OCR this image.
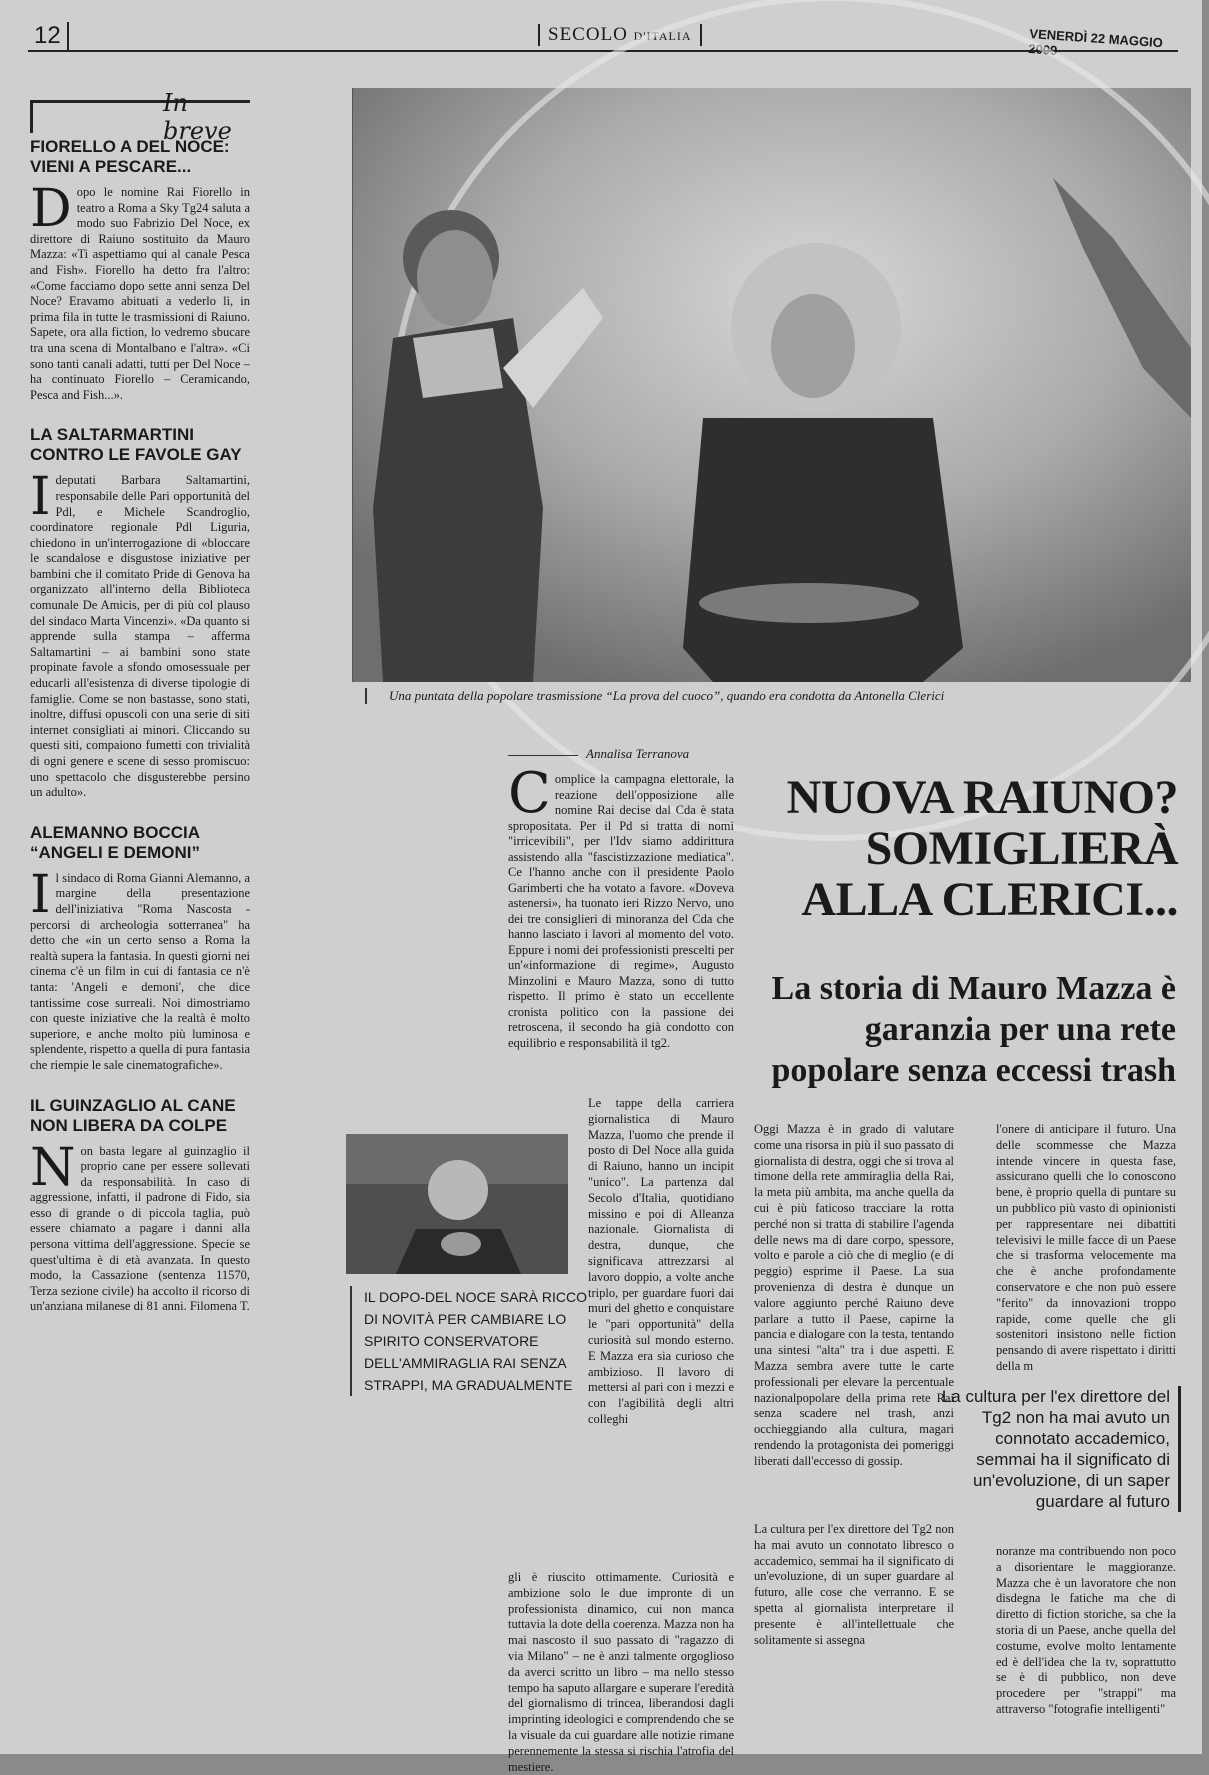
12	SECOLO D'ITALIA	VENERDÌ 22 MAGGIO 2009
In breve
FIORELLO A DEL NOCE: VIENI A PESCARE...

Dopo le nomine Rai Fiorello in teatro a Roma a Sky Tg24 saluta a modo suo Fabrizio Del Noce, ex direttore di Raiuno sostituito da Mauro Mazza: «Ti aspettiamo qui al canale Pesca and Fish». Fiorello ha detto fra l'altro: «Come facciamo dopo sette anni senza Del Noce? Eravamo abituati a vederlo lì, in prima fila in tutte le trasmissioni di Raiuno. Sapete, ora alla fiction, lo vedremo sbucare tra una scena di Montalbano e l'altra». «Ci sono tanti canali adatti, tutti per Del Noce – ha continuato Fiorello – Ceramicando, Pesca and Fish...».

LA SALTARMARTINI CONTRO LE FAVOLE GAY

Ideputati Barbara Saltamartini, responsabile delle Pari opportunità del Pdl, e Michele Scandroglio, coordinatore regionale Pdl Liguria, chiedono in un'interrogazione di «bloccare le scandalose e disgustose iniziative per bambini che il comitato Pride di Genova ha organizzato all'interno della Biblioteca comunale De Amicis, per di più col plauso del sindaco Marta Vincenzi». «Da quanto si apprende sulla stampa – afferma Saltamartini – ai bambini sono state propinate favole a sfondo omosessuale per educarli all'esistenza di diverse tipologie di famiglie. Come se non bastasse, sono stati, inoltre, diffusi opuscoli con una serie di siti internet consigliati ai minori. Cliccando su questi siti, compaiono fumetti con trivialità di ogni genere e scene di sesso promiscuo: uno spettacolo che disgusterebbe persino un adulto».

ALEMANNO BOCCIA “ANGELI E DEMONI”

Il sindaco di Roma Gianni Alemanno, a margine della presentazione dell'iniziativa "Roma Nascosta - percorsi di archeologia sotterranea" ha detto che «in un certo senso a Roma la realtà supera la fantasia. In questi giorni nei cinema c'è un film in cui di fantasia ce n'è tanta: 'Angeli e demoni', che dice tantissime cose surreali. Noi dimostriamo con queste iniziative che la realtà è molto superiore, e anche molto più luminosa e splendente, rispetto a quella di pura fantasia che riempie le sale cinematografiche».

IL GUINZAGLIO AL CANE NON LIBERA DA COLPE

Non basta legare al guinzaglio il proprio cane per essere sollevati da responsabilità. In caso di aggressione, infatti, il padrone di Fido, sia esso di grande o di piccola taglia, può essere chiamato a pagare i danni alla persona vittima dell'aggressione. Specie se quest'ultima è di età avanzata. In questo modo, la Cassazione (sentenza 11570, Terza sezione civile) ha accolto il ricorso di un'anziana milanese di 81 anni. Filomena T.

Una puntata della popolare trasmissione “La prova del cuoco”, quando era condotta da Antonella Clerici
Annalisa Terranova
NUOVA RAIUNO? SOMIGLIERÀ ALLA CLERICI...
La storia di Mauro Mazza è garanzia per una rete popolare senza eccessi trash

Complice la campagna elettorale, la reazione dell'opposizione alle nomine Rai decise dal Cda è stata spropositata. Per il Pd si tratta di nomi "irricevibili", per l'Idv siamo addirittura assistendo alla "fascistizzazione mediatica". Ce l'hanno anche con il presidente Paolo Garimberti che ha votato a favore. «Doveva astenersi», ha tuonato ieri Rizzo Nervo, uno dei tre consiglieri di minoranza del Cda che hanno lasciato i lavori al momento del voto. Eppure i nomi dei professionisti prescelti per un'«informazione di regime», Augusto Minzolini e Mauro Mazza, sono di tutto rispetto. Il primo è stato un eccellente cronista politico con la passione dei retroscena, il secondo ha già condotto con equilibrio e responsabilità il tg2.

Le tappe della carriera giornalistica di Mauro Mazza, l'uomo che prende il posto di Del Noce alla guida di Raiuno, hanno un incipit "unico". La partenza dal Secolo d'Italia, quotidiano missino e poi di Alleanza nazionale. Giornalista di destra, dunque, che significava attrezzarsi al lavoro doppio, a volte anche triplo, per guardare fuori dai muri del ghetto e conquistare le "pari opportunità" della curiosità sul mondo esterno. E Mazza era sia curioso che ambizioso. Il lavoro di mettersi al pari con i mezzi e con l'agibilità degli altri colleghi

gli è riuscito ottimamente. Curiosità e ambizione solo le due impronte di un professionista dinamico, cui non manca tuttavia la dote della coerenza. Mazza non ha mai nascosto il suo passato di "ragazzo di via Milano" – ne è anzi talmente orgoglioso da averci scritto un libro – ma nello stesso tempo ha saputo allargare e superare l'eredità del giornalismo di trincea, liberandosi dagli imprinting ideologici e comprendendo che se la visuale da cui guardare alle notizie rimane perennemente la stessa si rischia l'atrofia del mestiere.

IL DOPO-DEL NOCE SARÀ RICCO DI NOVITÀ PER CAMBIARE LO SPIRITO CONSERVATORE DELL'AMMIRAGLIA RAI SENZA STRAPPI, MA GRADUALMENTE

Oggi Mazza è in grado di valutare come una risorsa in più il suo passato di giornalista di destra, oggi che si trova al timone della rete ammiraglia della Rai, la meta più ambita, ma anche quella da cui è più faticoso tracciare la rotta perché non si tratta di stabilire l'agenda delle news ma di dare corpo, spessore, volto e parole a ciò che di meglio (e di peggio) esprime il Paese. La sua provenienza di destra è dunque un valore aggiunto perché Raiuno deve parlare a tutto il Paese, capirne la pancia e dialogare con la testa, tentando una sintesi "alta" tra i due aspetti. E Mazza sembra avere tutte le carte professionali per elevare la percentuale nazionalpopolare della prima rete Rai senza scadere nel trash, anzi occhieggiando alla cultura, magari rendendo la protagonista dei pomeriggi liberati dall'eccesso di gossip.

La cultura per l'ex direttore del Tg2 non ha mai avuto un connotato libresco o accademico, semmai ha il significato di un'evoluzione, di un super guardare al futuro, alle cose che verranno. E se spetta al giornalista interpretare il presente è all'intellettuale che solitamente si assegna

l'onere di anticipare il futuro. Una delle scommesse che Mazza intende vincere in questa fase, assicurano quelli che lo conoscono bene, è proprio quella di puntare su un pubblico più vasto di opinionisti per rappresentare nei dibattiti televisivi le mille facce di un Paese che si trasforma velocemente ma che è anche profondamente conservatore e che non può essere "ferito" da innovazioni troppo rapide, come quelle che gli sostenitori insistono nelle fiction pensando di avere rispettato i diritti della m

La cultura per l'ex direttore del Tg2 non ha mai avuto un connotato accademico, semmai ha il significato di un'evoluzione, di un saper guardare al futuro

noranze ma contribuendo non poco a disorientare le maggioranze. Mazza che è un lavoratore che non disdegna le fatiche ma che di diretto di fiction storiche, sa che la storia di un Paese, anche quella del costume, evolve molto lentamente ed è dell'idea che la tv, soprattutto se è di pubblico, non deve procedere per "strappi" ma attraverso "fotografie intelligenti"
